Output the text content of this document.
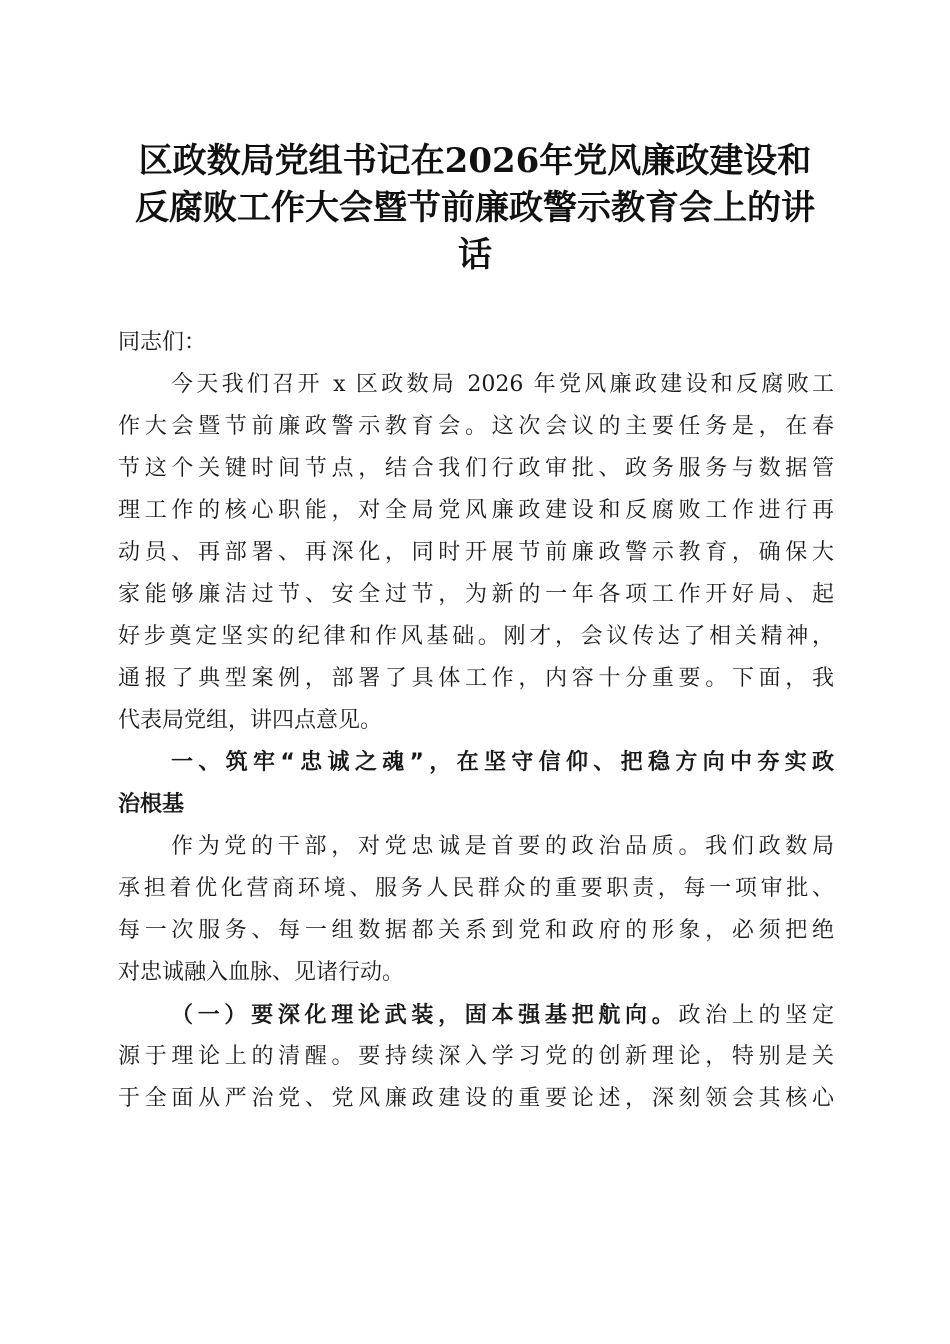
区政数局党组书记在2026年党风廉政建设和
反腐败工作大会暨节前廉政警示教育会上的讲
话
同志们：
今天我们召开 x 区政数局 2026 年党风廉政建设和反腐败工
作大会暨节前廉政警示教育会。这次会议的主要任务是，在春
节这个关键时间节点，结合我们行政审批、政务服务与数据管
理工作的核心职能，对全局党风廉政建设和反腐败工作进行再
动员、再部署、再深化，同时开展节前廉政警示教育，确保大
家能够廉洁过节、安全过节，为新的一年各项工作开好局、起
好步奠定坚实的纪律和作风基础。刚才，会议传达了相关精神，
通报了典型案例，部署了具体工作，内容十分重要。下面，我
代表局党组，讲四点意见。
一、筑牢“忠诚之魂”，在坚守信仰、把稳方向中夯实政
治根基
作为党的干部，对党忠诚是首要的政治品质。我们政数局
承担着优化营商环境、服务人民群众的重要职责，每一项审批、
每一次服务、每一组数据都关系到党和政府的形象，必须把绝
对忠诚融入血脉、见诸行动。
（一）要深化理论武装，固本强基把航向。政治上的坚定
源于理论上的清醒。要持续深入学习党的创新理论，特别是关
于全面从严治党、党风廉政建设的重要论述，深刻领会其核心
